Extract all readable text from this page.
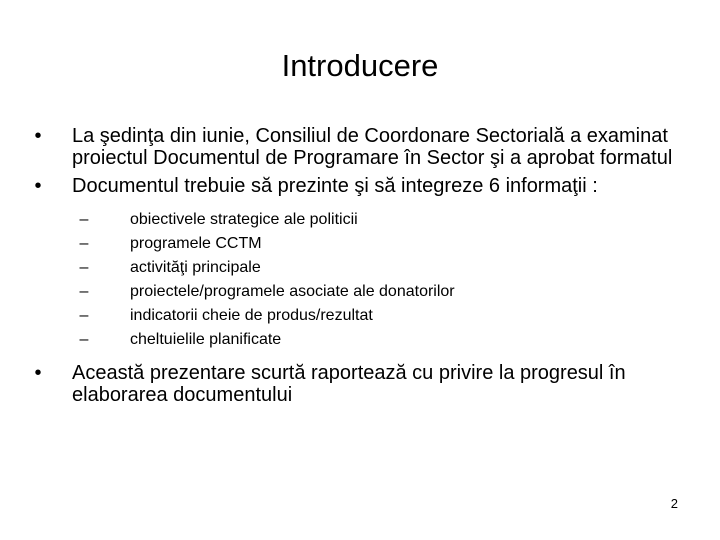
Introducere
• La şedinţa din iunie, Consiliul de Coordonare Sectorială a examinat proiectul Documentul de Programare în Sector şi a aprobat formatul
• Documentul trebuie să prezinte şi să integreze 6 informaţii :
–	obiectivele strategice ale politicii
–	programele CCTM
–	activităţi principale
–	proiectele/programele asociate ale donatorilor
–	indicatorii cheie de produs/rezultat
–	cheltuielile planificate
• Această prezentare scurtă raportează cu privire la progresul în elaborarea documentului
2
